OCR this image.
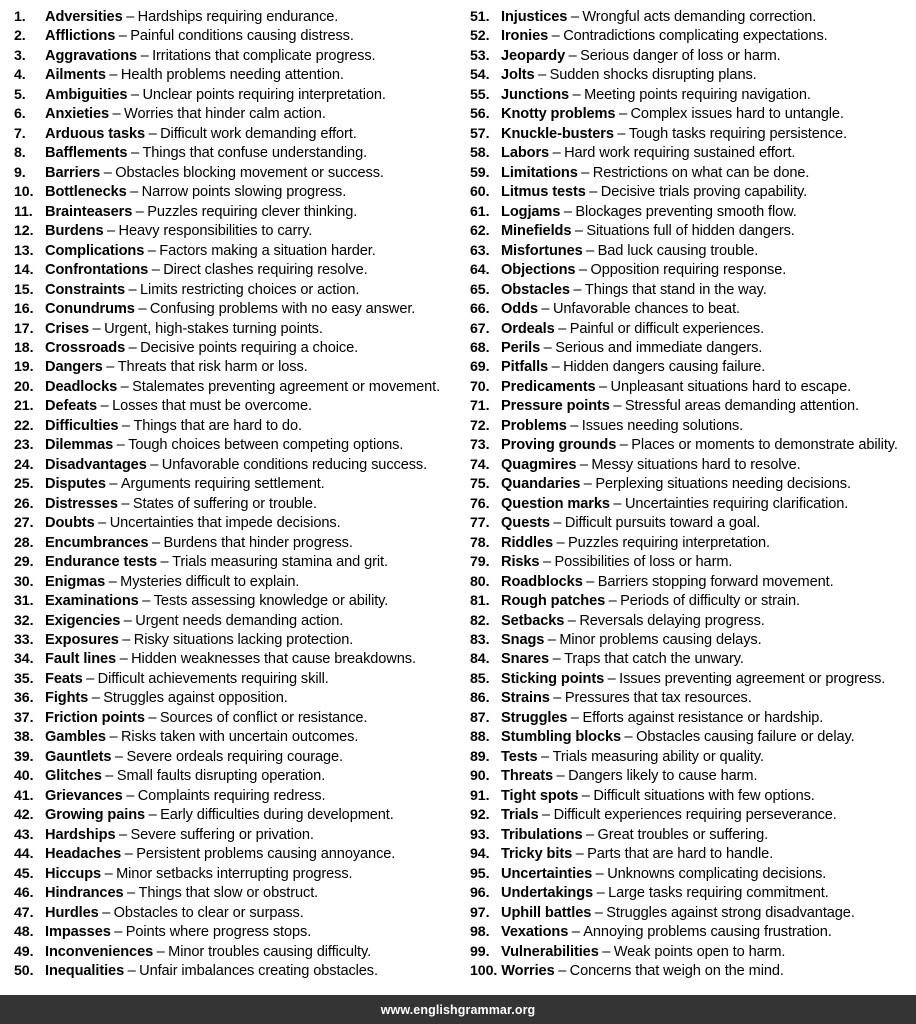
1.	Adversities – Hardships requiring endurance.
2.	Afflictions – Painful conditions causing distress.
3.	Aggravations – Irritations that complicate progress.
4.	Ailments – Health problems needing attention.
5.	Ambiguities – Unclear points requiring interpretation.
6.	Anxieties – Worries that hinder calm action.
7.	Arduous tasks – Difficult work demanding effort.
8.	Bafflements – Things that confuse understanding.
9.	Barriers – Obstacles blocking movement or success.
10. Bottlenecks – Narrow points slowing progress.
11. Brainteasers – Puzzles requiring clever thinking.
12. Burdens – Heavy responsibilities to carry.
13. Complications – Factors making a situation harder.
14. Confrontations – Direct clashes requiring resolve.
15. Constraints – Limits restricting choices or action.
16. Conundrums – Confusing problems with no easy answer.
17. Crises – Urgent, high-stakes turning points.
18. Crossroads – Decisive points requiring a choice.
19. Dangers – Threats that risk harm or loss.
20. Deadlocks – Stalemates preventing agreement or movement.
21. Defeats – Losses that must be overcome.
22. Difficulties – Things that are hard to do.
23. Dilemmas – Tough choices between competing options.
24. Disadvantages – Unfavorable conditions reducing success.
25. Disputes – Arguments requiring settlement.
26. Distresses – States of suffering or trouble.
27. Doubts – Uncertainties that impede decisions.
28. Encumbrances – Burdens that hinder progress.
29. Endurance tests – Trials measuring stamina and grit.
30. Enigmas – Mysteries difficult to explain.
31. Examinations – Tests assessing knowledge or ability.
32. Exigencies – Urgent needs demanding action.
33. Exposures – Risky situations lacking protection.
34. Fault lines – Hidden weaknesses that cause breakdowns.
35. Feats – Difficult achievements requiring skill.
36. Fights – Struggles against opposition.
37. Friction points – Sources of conflict or resistance.
38. Gambles – Risks taken with uncertain outcomes.
39. Gauntlets – Severe ordeals requiring courage.
40. Glitches – Small faults disrupting operation.
41. Grievances – Complaints requiring redress.
42. Growing pains – Early difficulties during development.
43. Hardships – Severe suffering or privation.
44. Headaches – Persistent problems causing annoyance.
45. Hiccups – Minor setbacks interrupting progress.
46. Hindrances – Things that slow or obstruct.
47. Hurdles – Obstacles to clear or surpass.
48. Impasses – Points where progress stops.
49. Inconveniences – Minor troubles causing difficulty.
50. Inequalities – Unfair imbalances creating obstacles.
51. Injustices – Wrongful acts demanding correction.
52. Ironies – Contradictions complicating expectations.
53. Jeopardy – Serious danger of loss or harm.
54. Jolts – Sudden shocks disrupting plans.
55. Junctions – Meeting points requiring navigation.
56. Knotty problems – Complex issues hard to untangle.
57. Knuckle-busters – Tough tasks requiring persistence.
58. Labors – Hard work requiring sustained effort.
59. Limitations – Restrictions on what can be done.
60. Litmus tests – Decisive trials proving capability.
61. Logjams – Blockages preventing smooth flow.
62. Minefields – Situations full of hidden dangers.
63. Misfortunes – Bad luck causing trouble.
64. Objections – Opposition requiring response.
65. Obstacles – Things that stand in the way.
66. Odds – Unfavorable chances to beat.
67. Ordeals – Painful or difficult experiences.
68. Perils – Serious and immediate dangers.
69. Pitfalls – Hidden dangers causing failure.
70. Predicaments – Unpleasant situations hard to escape.
71. Pressure points – Stressful areas demanding attention.
72. Problems – Issues needing solutions.
73. Proving grounds – Places or moments to demonstrate ability.
74. Quagmires – Messy situations hard to resolve.
75. Quandaries – Perplexing situations needing decisions.
76. Question marks – Uncertainties requiring clarification.
77. Quests – Difficult pursuits toward a goal.
78. Riddles – Puzzles requiring interpretation.
79. Risks – Possibilities of loss or harm.
80. Roadblocks – Barriers stopping forward movement.
81. Rough patches – Periods of difficulty or strain.
82. Setbacks – Reversals delaying progress.
83. Snags – Minor problems causing delays.
84. Snares – Traps that catch the unwary.
85. Sticking points – Issues preventing agreement or progress.
86. Strains – Pressures that tax resources.
87. Struggles – Efforts against resistance or hardship.
88. Stumbling blocks – Obstacles causing failure or delay.
89. Tests – Trials measuring ability or quality.
90. Threats – Dangers likely to cause harm.
91. Tight spots – Difficult situations with few options.
92. Trials – Difficult experiences requiring perseverance.
93. Tribulations – Great troubles or suffering.
94. Tricky bits – Parts that are hard to handle.
95. Uncertainties – Unknowns complicating decisions.
96. Undertakings – Large tasks requiring commitment.
97. Uphill battles – Struggles against strong disadvantage.
98. Vexations – Annoying problems causing frustration.
99. Vulnerabilities – Weak points open to harm.
100. Worries – Concerns that weigh on the mind.
www.englishgrammar.org
